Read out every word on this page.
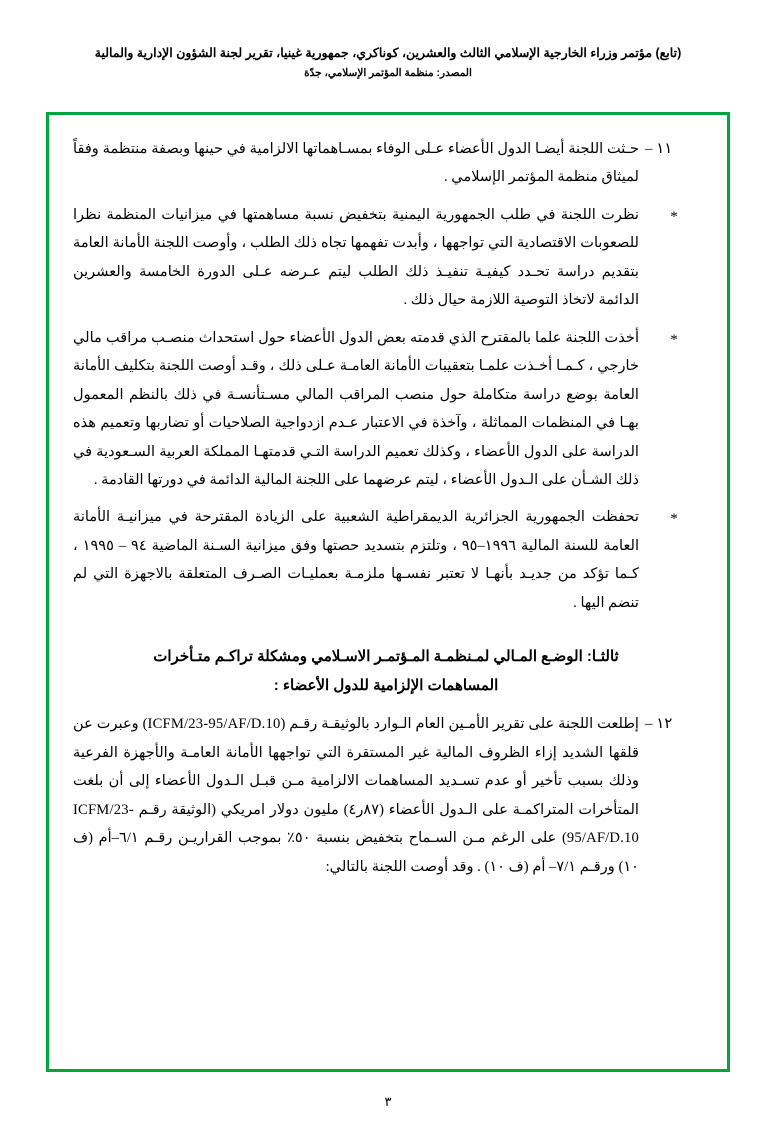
(تابع) مؤتمر وزراء الخارجية الإسلامي الثالث والعشرين، كوناكري، جمهورية غينيا، تقرير لجنة الشؤون الإدارية والمالية
المصدر: منظمة المؤتمر الإسلامي، جدّة
١١ –
حـثت اللجنة أيضـا الدول الأعضاء عـلى الوفاء بمسـاهماتها الالزامية في حينها وبصفة منتظمة وفقاً لميثاق منظمة المؤتمر الإسلامي .
*
نظرت اللجنة في طلب الجمهورية اليمنية بتخفيض نسبة مساهمتها في ميزانيات المنظمة نظرا للصعوبات الاقتصادية التي تواجهها ، وأبدت تفهمها تجاه ذلك الطلب ، وأوصت اللجنة الأمانة العامة بتقديم دراسة تحـدد كيفيـة تنفيـذ ذلك الطلب ليتم عـرضه عـلى الدورة الخامسة والعشرين الدائمة لاتخاذ التوصية اللازمة حيال ذلك .
*
أخذت اللجنة علما بالمقترح الذي قدمته بعض الدول الأعضاء حول استحداث منصـب مراقب مالي خارجي ، كـمـا أخـذت علمـا بتعقيبات الأمانة العامـة عـلى ذلك ، وقـد أوصت اللجنة بتكليف الأمانة العامة بوضع دراسة متكاملة حول منصب المراقب المالي مسـتأنسـة في ذلك بالنظم المعمول بهـا في المنظمات المماثلة ، وآخذة في الاعتبار عـدم ازدواجية الصلاحيات أو تضاربها وتعميم هذه الدراسة على الدول الأعضاء ، وكذلك تعميم الدراسة التـي قدمتهـا المملكة العربية السـعودية في ذلك الشـأن على الـدول الأعضاء ، ليتم عرضهما على اللجنة المالية الدائمة في دورتها القادمة .
*
تحفظت الجمهورية الجزائرية الديمقراطية الشعبية على الزيادة المقترحة في ميزانيـة الأمانة العامة للسنة المالية ١٩٩٦–٩٥ ، وتلتزم بتسديد حصتها وفق ميزانية السـنة الماضية ٩٤ – ١٩٩٥ ، كـما تؤكد من جديـد بأنهـا لا تعتبر نفسـها ملزمـة بعمليـات الصـرف المتعلقة بالاجهزة التي لم تنضم اليها .
ثالثـا: الوضـع المـالي لمـنظمـة المـؤتمـر الاسـلامي ومشكلة تراكـم متـأخرات
المساهمات الإلزامية للدول الأعضاء :
١٢ –
إطلعت اللجنة على تقرير الأمـين العام الـوارد بالوثيقـة رقـم (ICFM/23-95/AF/D.10) وعبرت عن قلقها الشديد إزاء الظروف المالية غير المستقرة التي تواجهها الأمانة العامـة والأجهزة الفرعية وذلك بسبب تأخير أو عدم تسـديد المساهمات الالزامية مـن قبـل الـدول الأعضاء إلى أن بلغت المتأخرات المتراكمـة على الـدول الأعضاء (٨٧ر٤) مليون دولار امريكي (الوثيقة رقـم ICFM/23-95/AF/D.10) على الرغم مـن السـماح بتخفيض بنسبة ٥٠٪ بموجب القراريـن رقـم ٦/١–أم (ف ١٠) ورقـم ٧/١– أم (ف ١٠) . وقد أوصت اللجنة بالتالي:
٣
